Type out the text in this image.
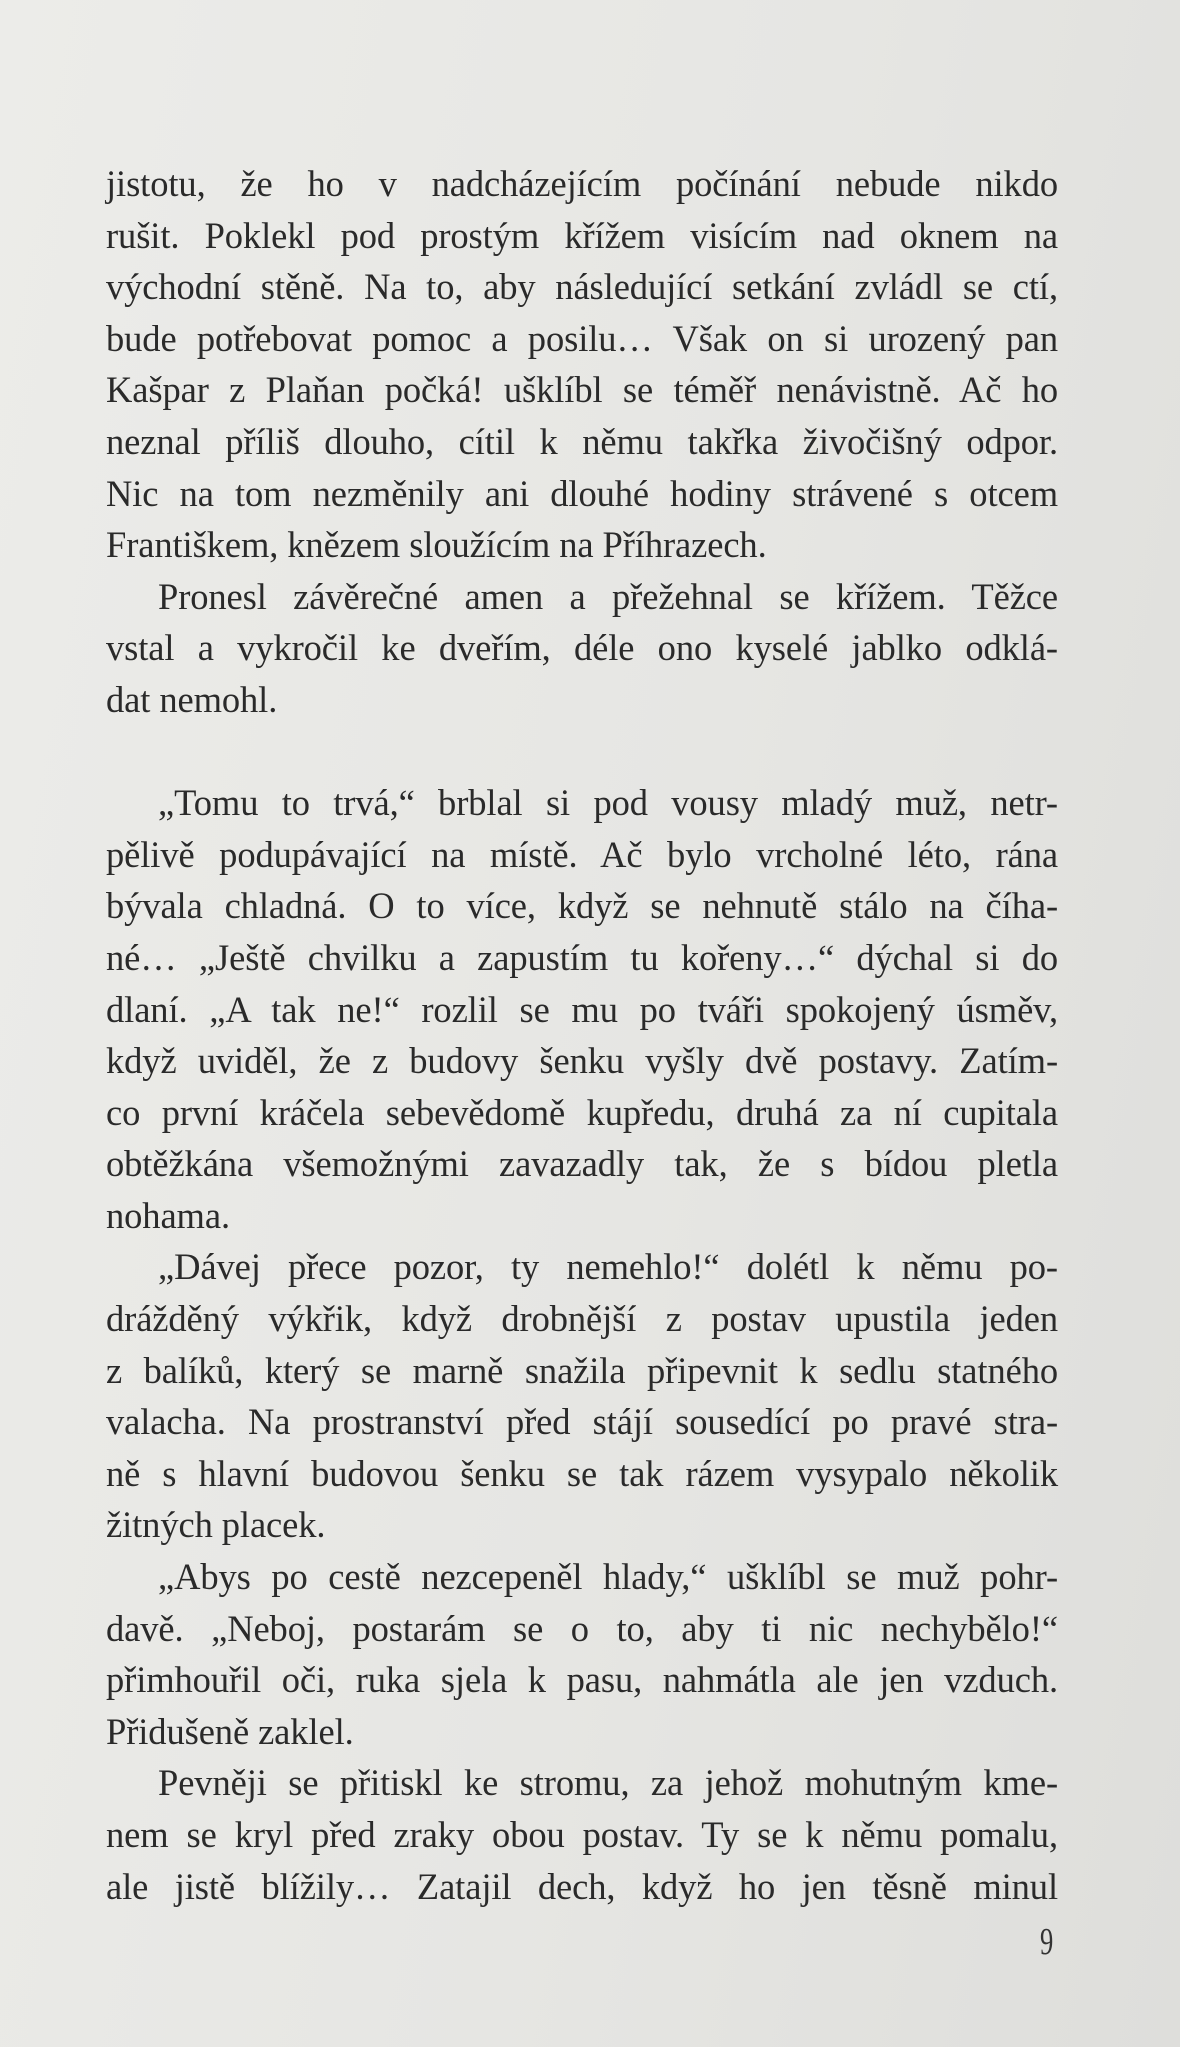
jistotu, že ho v nadcházejícím počínání nebude nikdo
rušit. Poklekl pod prostým křížem visícím nad oknem na
východní stěně. Na to, aby následující setkání zvládl se ctí,
bude potřebovat pomoc a posilu… Však on si urozený pan
Kašpar z Plaňan počká! ušklíbl se téměř nenávistně. Ač ho
neznal příliš dlouho, cítil k němu takřka živočišný odpor.
Nic na tom nezměnily ani dlouhé hodiny strávené s otcem
Františkem, knězem sloužícím na Příhrazech.
Pronesl závěrečné amen a přežehnal se křížem. Těžce
vstal a vykročil ke dveřím, déle ono kyselé jablko odklá-
dat nemohl.
„Tomu to trvá,“ brblal si pod vousy mladý muž, netr-
pělivě podupávající na místě. Ač bylo vrcholné léto, rána
bývala chladná. O to více, když se nehnutě stálo na číha-
né… „Ještě chvilku a zapustím tu kořeny…“ dýchal si do
dlaní. „A tak ne!“ rozlil se mu po tváři spokojený úsměv,
když uviděl, že z budovy šenku vyšly dvě postavy. Zatím-
co první kráčela sebevědomě kupředu, druhá za ní cupitala
obtěžkána všemožnými zavazadly tak, že s bídou pletla
nohama.
„Dávej přece pozor, ty nemehlo!“ dolétl k němu po-
drážděný výkřik, když drobnější z postav upustila jeden
z balíků, který se marně snažila připevnit k sedlu statného
valacha. Na prostranství před stájí sousedící po pravé stra-
ně s hlavní budovou šenku se tak rázem vysypalo několik
žitných placek.
„Abys po cestě nezcepeněl hlady,“ ušklíbl se muž pohr-
davě. „Neboj, postarám se o to, aby ti nic nechybělo!“
přimhouřil oči, ruka sjela k pasu, nahmátla ale jen vzduch.
Přidušeně zaklel.
Pevněji se přitiskl ke stromu, za jehož mohutným kme-
nem se kryl před zraky obou postav. Ty se k němu pomalu,
ale jistě blížily… Zatajil dech, když ho jen těsně minul
9
